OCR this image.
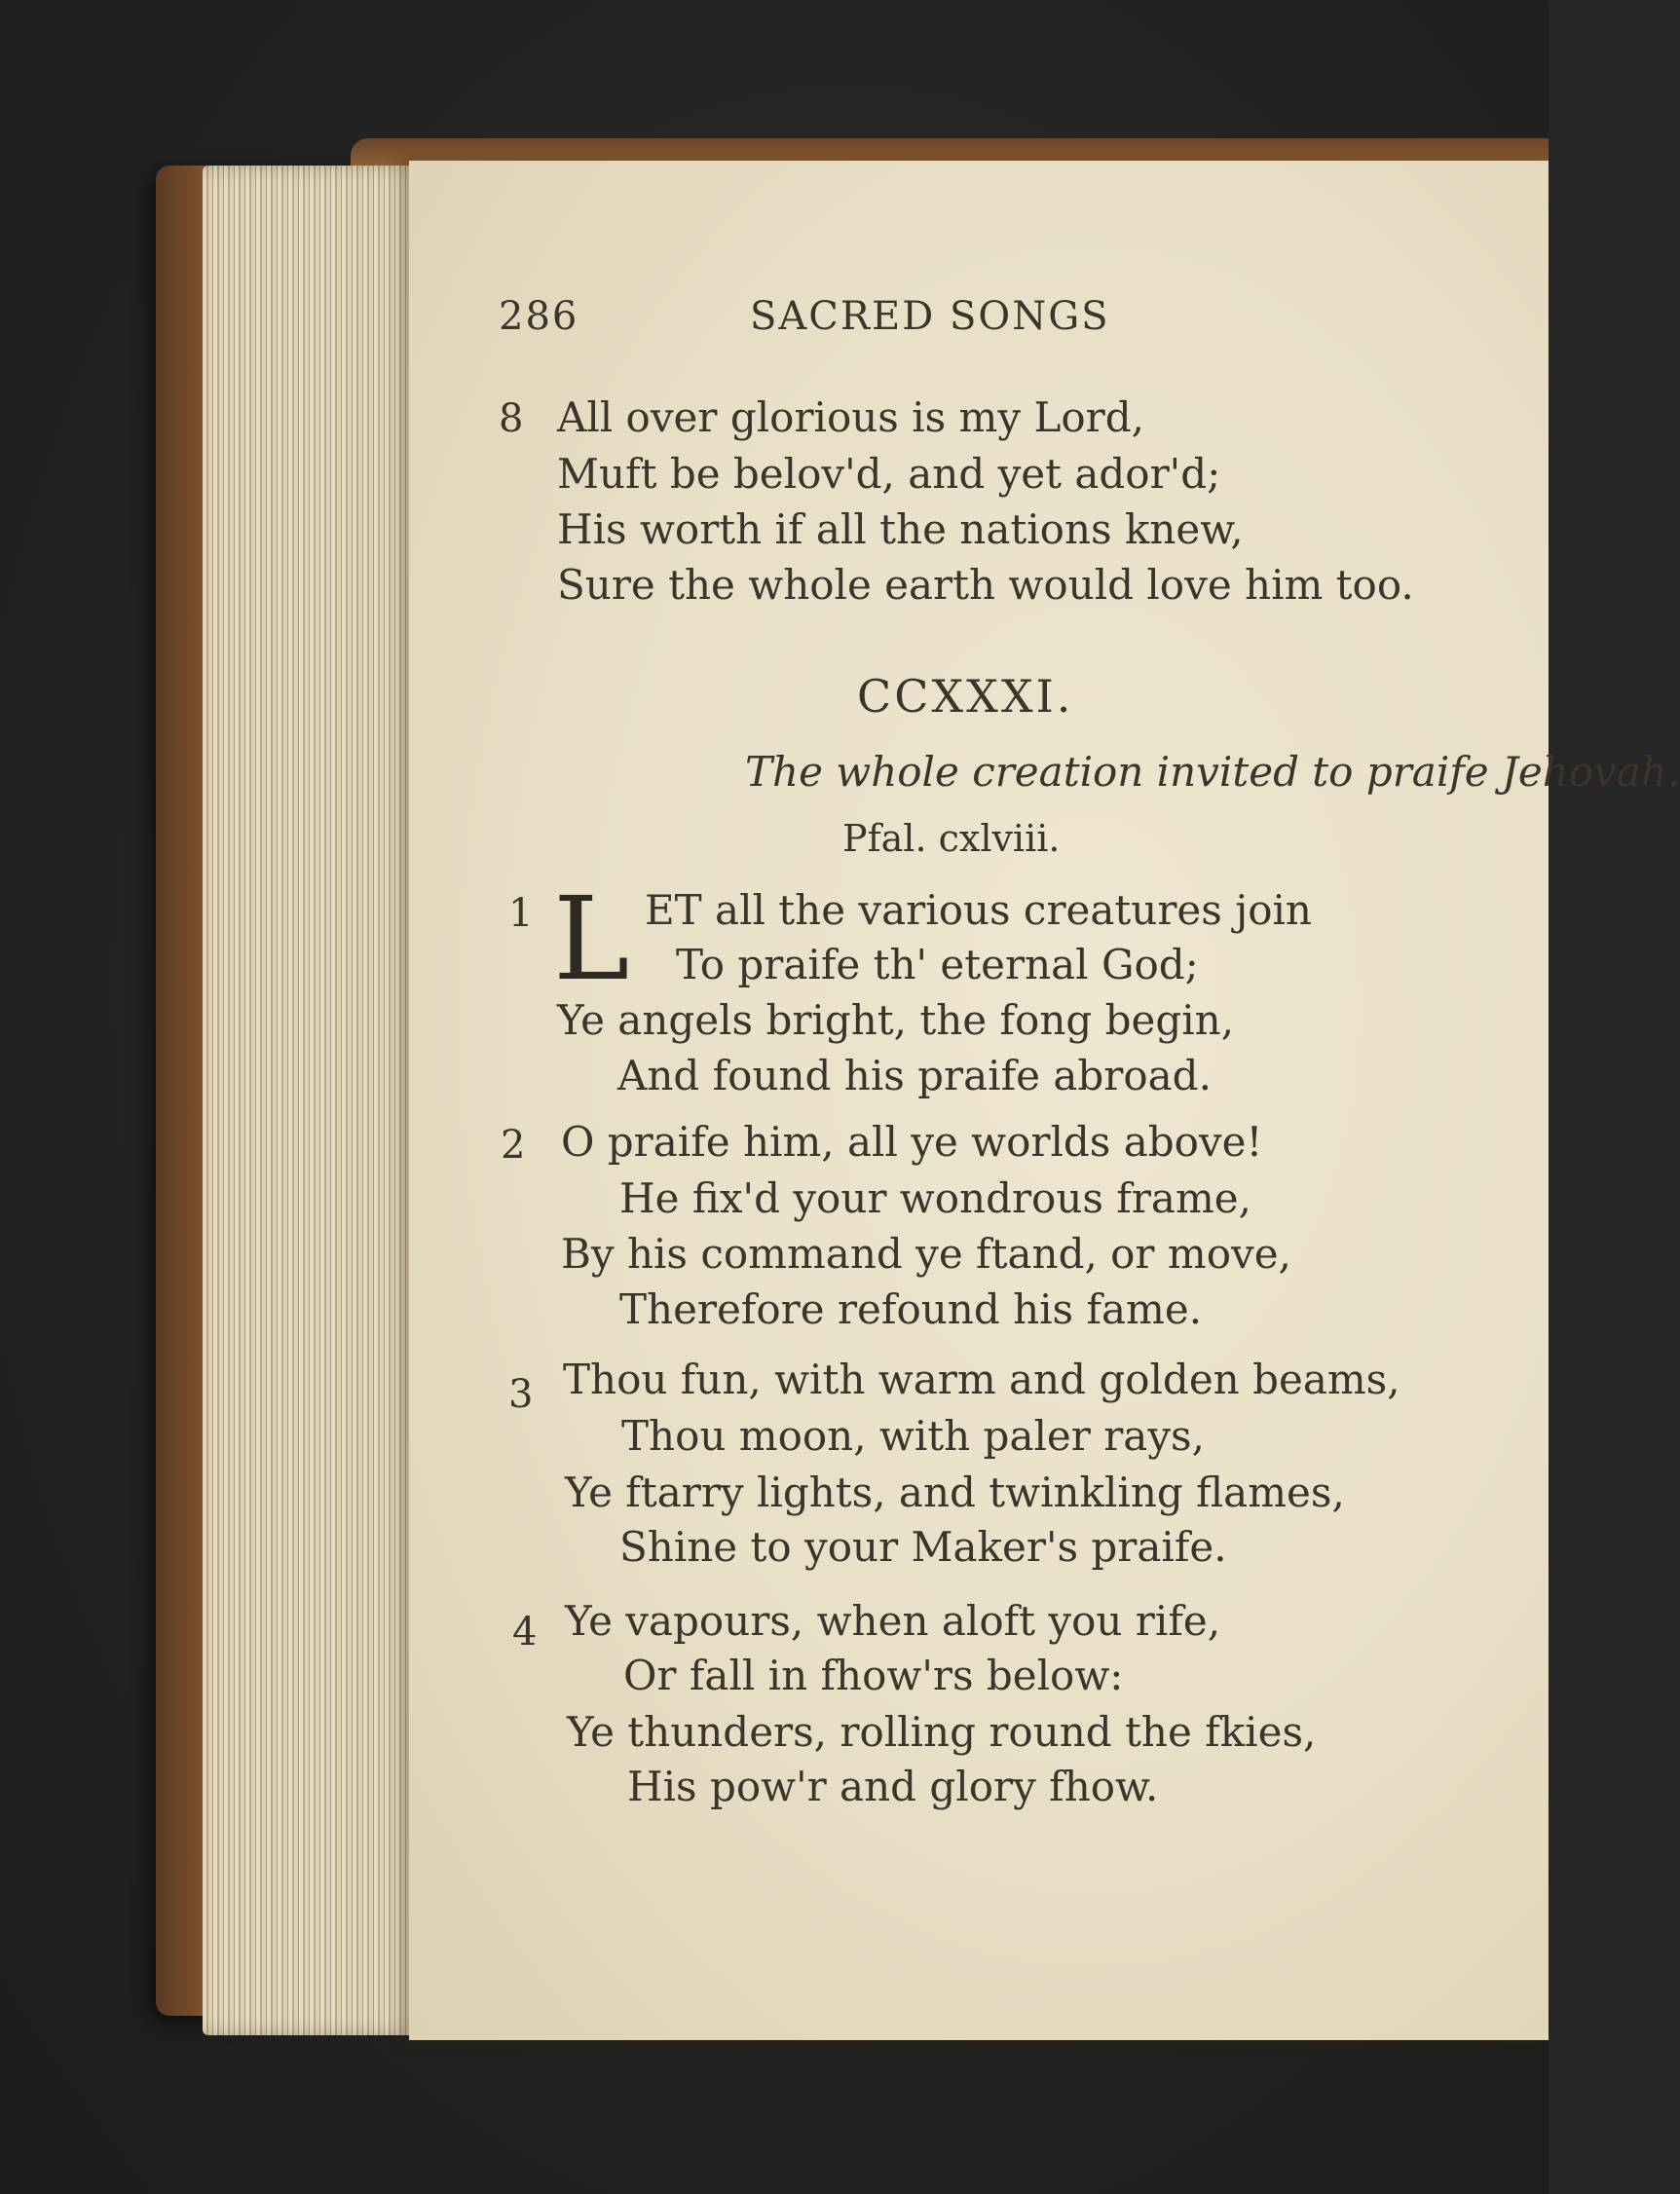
286	SACRED SONGS
8 All over glorious is my Lord,
Muft be belov'd, and yet ador'd;
His worth if all the nations knew,
Sure the whole earth would love him too.
CCXXXI.
The whole creation invited to praife Jehovah.
Pfal. cxlviii.
1 L ET all the various creatures join
To praife th' eternal God;
Ye angels bright, the fong begin,
And found his praife abroad.
2 O praife him, all ye worlds above!
He fix'd your wondrous frame,
By his command ye ftand, or move,
Therefore refound his fame.
3 Thou fun, with warm and golden beams,
Thou moon, with paler rays,
Ye ftarry lights, and twinkling flames,
Shine to your Maker's praife.
4 Ye vapours, when aloft you rife,
Or fall in fhow'rs below:
Ye thunders, rolling round the fkies,
His pow'r and glory fhow.
